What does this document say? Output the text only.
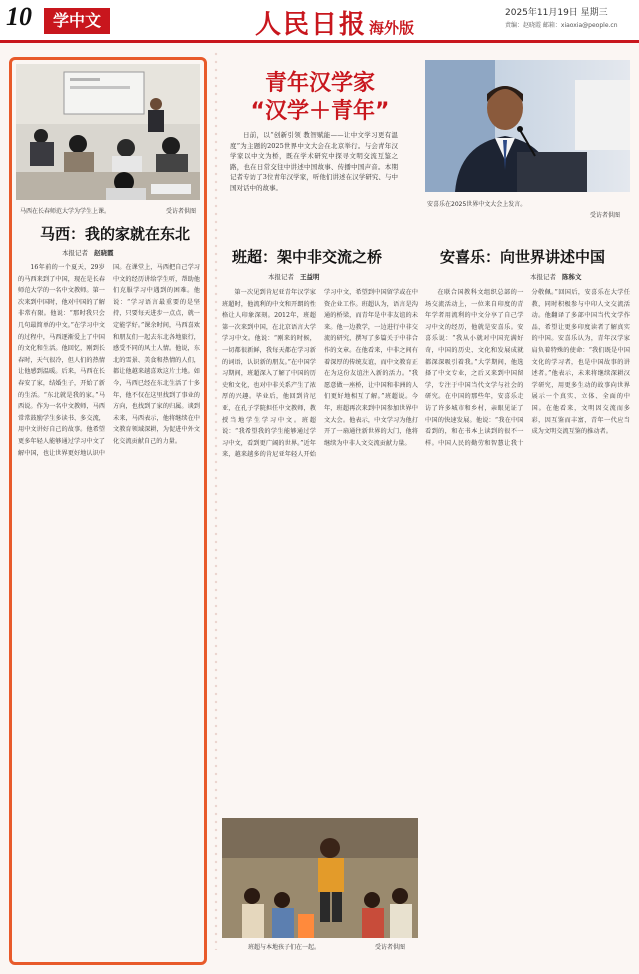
10	学中文	人民日报 海外版
2025年11月19日 星期三
责编：赵晓霞 邮箱：xiaoxia@people.cn
青年汉学家
“汉学＋青年”

日前，以“创新引领 教智赋能——让中文学习更有温度”为主题的2025世界中文大会在北京举行。与会青年汉学家以中文为桥，既在学术研究中探寻文明交流互鉴之路，也在日常交往中讲述中国故事、传播中国声音。本期记者专访了3位青年汉学家，听他们讲述在汉学研究、与中国对话中的故事。

安喜乐在2025世界中文大会上发言。
受访者供图
马西在长春师范大学为学生上课。	受访者供图
马西：我的家就在东北
本报记者 赵晓霞

16年前的一个夏天，29岁的马西来到了中国，现在是长春师范大学的一名中文教师。第一次来到中国时，他对中国的了解非常有限。他说：“那时我只会几句最简单的中文。”在学习中文的过程中，马西逐渐爱上了中国的文化和生活。他回忆，刚到长春时，天气很冷，但人们的热情让他感到温暖。后来，马西在长春安了家，结婚生子，开始了新的生活。“东北就是我的家。”马西说。作为一名中文教师，马西常常鼓励学生多读书、多交流，用中文讲好自己的故事。他希望更多年轻人能够通过学习中文了解中国，也让世界更好地认识中国。在课堂上，马西把自己学习中文的经历讲给学生听，帮助他们克服学习中遇到的困难。他说：“学习语言最重要的是坚持，只要每天进步一点点，就一定能学好。”课余时间，马西喜欢和朋友们一起去东北各地旅行，感受不同的风土人情。他说，东北的雪景、美食和热情的人们，都让他越来越喜欢这片土地。如今，马西已经在东北生活了十多年，他不仅在这里找到了事业的方向，也找到了家的归属。谈到未来，马西表示，他将继续在中文教育领域深耕，为促进中外文化交流贡献自己的力量。

班超：架中非交流之桥
本报记者 王益明

第一次见到肯尼亚青年汉学家班超时，他流利的中文和开朗的性格让人印象深刻。2012年，班超第一次来到中国，在北京语言大学学习中文。他说：“刚来的时候，一切都很新鲜，我每天都在学习新的词语，认识新的朋友。”在中国学习期间，班超深入了解了中国的历史和文化，也对中非关系产生了浓厚的兴趣。毕业后，他回到肯尼亚，在孔子学院担任中文教师，教授当地学生学习中文。班超说：“我希望我的学生能够通过学习中文，看到更广阔的世界。”近年来，越来越多的肯尼亚年轻人开始学习中文，希望到中国留学或在中资企业工作。班超认为，语言是沟通的桥梁，而青年是中非友谊的未来。他一边教学，一边进行中非交流的研究，撰写了多篇关于中非合作的文章。在他看来，中非之间有着深厚的传统友谊，而中文教育正在为这份友谊注入新的活力。“我愿意做一座桥，让中国和非洲的人们更好地相互了解。”班超说。今年，班超再次来到中国参加世界中文大会。他表示，中文学习为他打开了一扇通往新世界的大门，他将继续为中非人文交流贡献力量。

班超与本地孩子们在一起。	受访者供图
安喜乐：向世界讲述中国
本报记者 陈秭文

在联合国教科文组织总部的一场交流活动上，一位来自印度的青年学者用流利的中文分享了自己学习中文的经历，他就是安喜乐。安喜乐说：“我从小就对中国充满好奇，中国的历史、文化和发展成就都深深吸引着我。”大学期间，他选择了中文专业，之后又来到中国留学，专注于中国当代文学与社会的研究。在中国的那些年，安喜乐走访了许多城市和乡村，亲眼见证了中国的快速发展。他说：“我在中国看到的，和在书本上读到的很不一样。中国人民的勤劳和智慧让我十分敬佩。”回国后，安喜乐在大学任教，同时积极参与中印人文交流活动。他翻译了多部中国当代文学作品，希望让更多印度读者了解真实的中国。安喜乐认为，青年汉学家肩负着特殊的使命：“我们既是中国文化的学习者，也是中国故事的讲述者。”他表示，未来将继续深耕汉学研究，用更多生动的故事向世界展示一个真实、立体、全面的中国。在他看来，文明因交流而多彩，因互鉴而丰富，青年一代应当成为文明交流互鉴的推动者。
